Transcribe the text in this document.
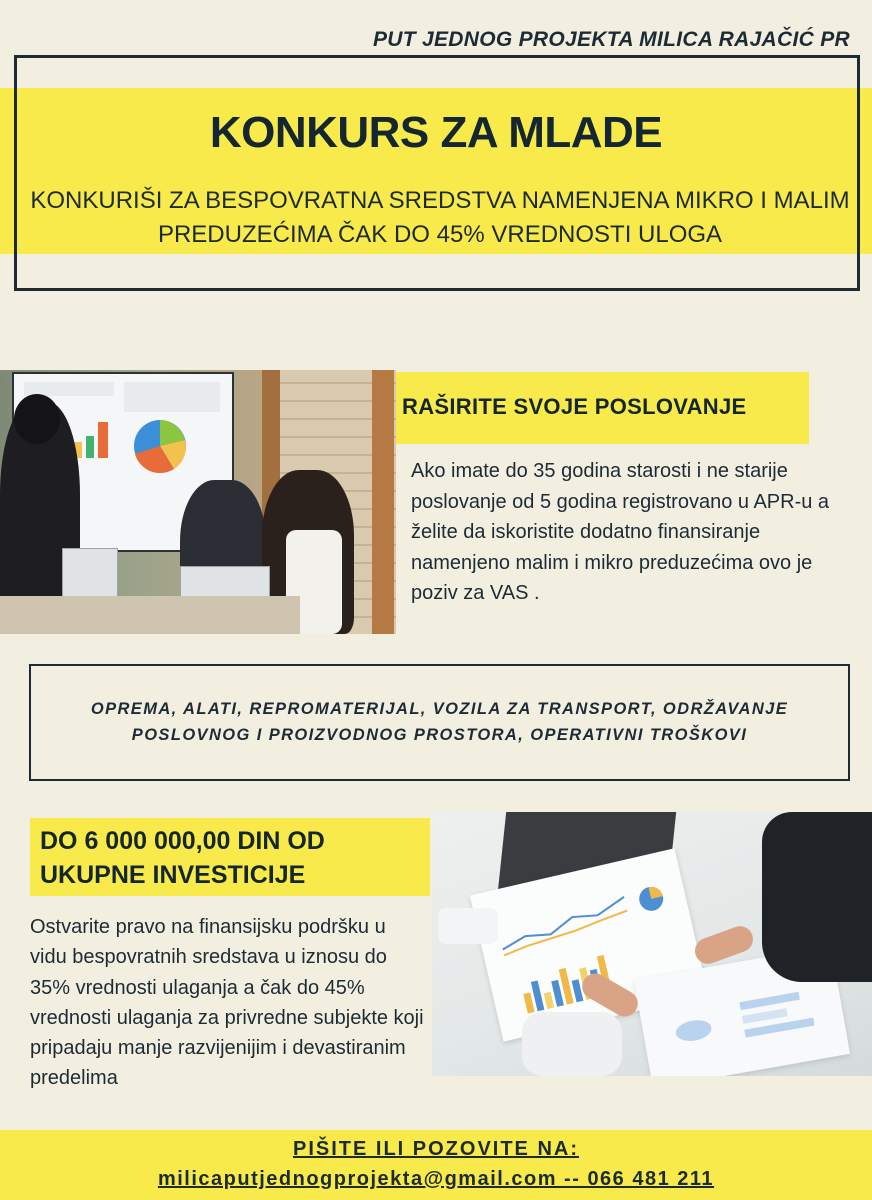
PUT JEDNOG PROJEKTA MILICA RAJAČIĆ PR
KONKURS ZA MLADE

KONKURIŠI ZA BESPOVRATNA SREDSTVA NAMENJENA MIKRO I MALIM PREDUZEĆIMA ČAK DO 45% VREDNOSTI ULOGA

RAŠIRITE SVOJE POSLOVANJE

Ako imate do 35 godina starosti i ne starije poslovanje od 5 godina registrovano u APR-u a želite da iskoristite dodatno finansiranje namenjeno malim i mikro preduzećima ovo je poziv za VAS .

OPREMA, ALATI, REPROMATERIJAL, VOZILA ZA TRANSPORT, ODRŽAVANJE POSLOVNOG I PROIZVODNOG PROSTORA, OPERATIVNI TROŠKOVI

DO 6 000 000,00 DIN OD UKUPNE INVESTICIJE

Ostvarite pravo na finansijsku podršku u vidu bespovratnih sredstava u iznosu do 35% vrednosti ulaganja a čak do 45% vrednosti ulaganja za privredne subjekte koji pripadaju manje razvijenijim i devastiranim predelima

PIŠITE ILI POZOVITE NA:
milicaputjednogprojekta@gmail.com -- 066 481 211
